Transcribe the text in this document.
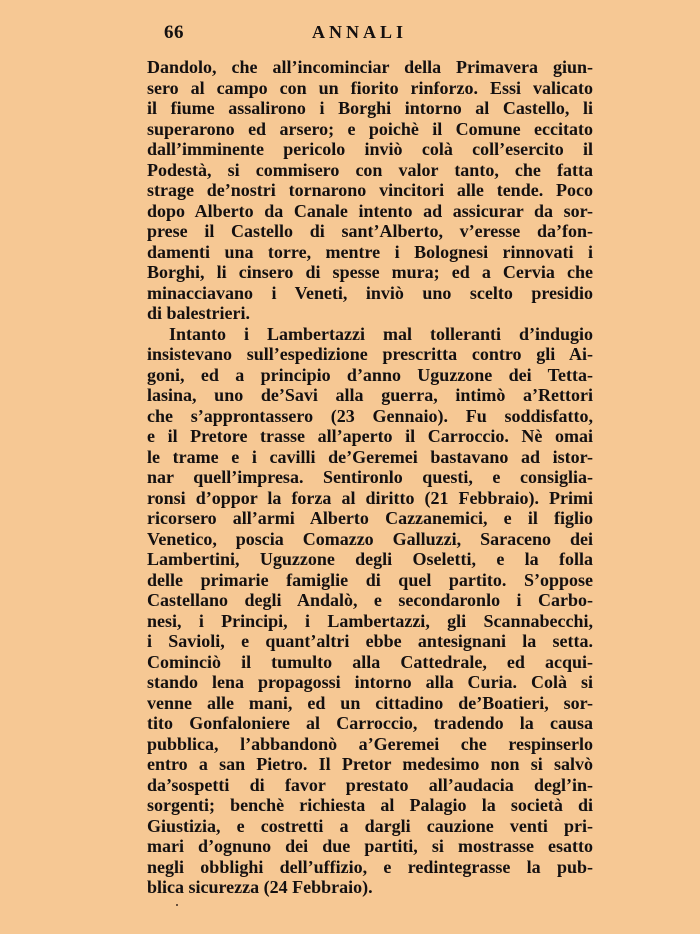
66	ANNALI
Dandolo, che all’incominciar della Primavera giun-
sero al campo con un fiorito rinforzo. Essi valicato
il fiume assalirono i Borghi intorno al Castello, li
superarono ed arsero; e poichè il Comune eccitato
dall’imminente pericolo inviò colà coll’esercito il
Podestà, si commisero con valor tanto, che fatta
strage de’nostri tornarono vincitori alle tende. Poco
dopo Alberto da Canale intento ad assicurar da sor-
prese il Castello di sant’Alberto, v’eresse da’fon-
damenti una torre, mentre i Bolognesi rinnovati i
Borghi, li cinsero di spesse mura; ed a Cervia che
minacciavano i Veneti, inviò uno scelto presidio
di balestrieri.
Intanto i Lambertazzi mal tolleranti d’indugio
insistevano sull’espedizione prescritta contro gli Ai-
goni, ed a principio d’anno Uguzzone dei Tetta-
lasina, uno de’Savi alla guerra, intimò a’Rettori
che s’approntassero (23 Gennaio). Fu soddisfatto,
e il Pretore trasse all’aperto il Carroccio. Nè omai
le trame e i cavilli de’Geremei bastavano ad istor-
nar quell’impresa. Sentironlo questi, e consiglia-
ronsi d’oppor la forza al diritto (21 Febbraio). Primi
ricorsero all’armi Alberto Cazzanemici, e il figlio
Venetico, poscia Comazzo Galluzzi, Saraceno dei
Lambertini, Uguzzone degli Oseletti, e la folla
delle primarie famiglie di quel partito. S’oppose
Castellano degli Andalò, e secondaronlo i Carbo-
nesi, i Principi, i Lambertazzi, gli Scannabecchi,
i Savioli, e quant’altri ebbe antesignani la setta.
Cominciò il tumulto alla Cattedrale, ed acqui-
stando lena propagossi intorno alla Curia. Colà si
venne alle mani, ed un cittadino de’Boatieri, sor-
tito Gonfaloniere al Carroccio, tradendo la causa
pubblica, l’abbandonò a’Geremei che respinserlo
entro a san Pietro. Il Pretor medesimo non si salvò
da’sospetti di favor prestato all’audacia degl’in-
sorgenti; benchè richiesta al Palagio la società di
Giustizia, e costretti a dargli cauzione venti pri-
mari d’ognuno dei due partiti, si mostrasse esatto
negli obblighi dell’uffizio, e redintegrasse la pub-
blica sicurezza (24 Febbraio).
